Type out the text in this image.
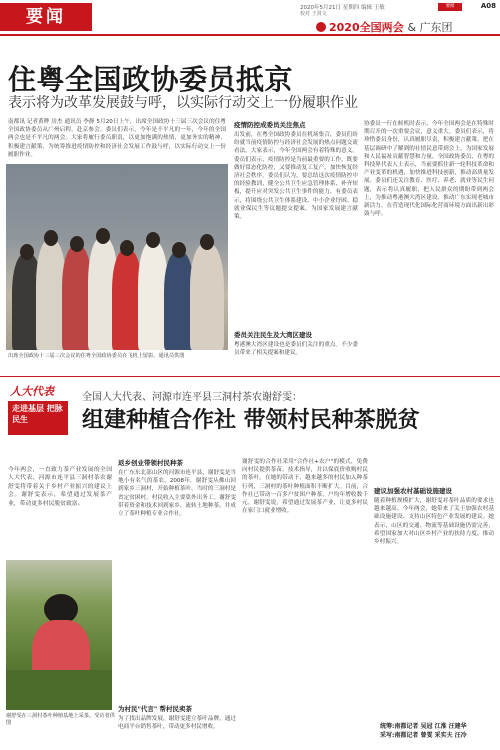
要闻	2020年5月21日 星期四 编辑 王敏
校对 王贤文
要闻	A08
2020全国两会 & 广东团
住粤全国政协委员抵京
表示将为改革发展鼓与呼，以实际行动交上一份履职作业

南都讯 记者黄晔 房杰 通讯员 李静 5月20日上午，出席全国政协十三届三次会议的住粤全国政协委员从广州启程，赴京参会。委员们表示，今年是不平凡的一年，今年的全国两会也是不平凡的两会。大家将履行委员职责，以更加饱满的热情，更加务实的精神，积极建言献策，为统筹推进疫情防控和经济社会发展工作鼓与呼，以实际行动交上一份履职作业。

出席全国政协十三届三次会议的住粤全国政协委员在飞机上留影。通讯员供图
疫情防控成委员关注焦点

出发前，在粤全国政协委员在机场集合，委员们纷纷就当前疫情防控与经济社会发展的热点问题交流看法。大家表示，今年全国两会有着特殊的意义。委员们表示，疫情防控是当前最重要的工作，既要做好常态化防控，又要推动复工复产，加快恢复经济社会秩序。委员们认为，要总结这次疫情防控中的经验教训，健全公共卫生应急管理体系，补齐短板，提升应对突发公共卫生事件的能力。有委员表示，将围绕公共卫生体系建设、中小企业纾困、稳就业保民生等议题提交提案，为国家发展建言献策。

委员关注民生及大湾区建设

粤港澳大湾区建设也是委员们关注的重点。不少委员带来了相关提案和建议。

协委员一行在候机时表示，今年全国两会是在特殊时期召开的一次重要会议，意义重大。委员们表示，将珍惜委员身份，认真履职尽责，积极建言献策，把在基层调研中了解到的社情民意带到会上，为国家发展和人民福祉贡献智慧和力量。全国政协委员、在粤的科技界代表人士表示，当前要抓住新一轮科技革命和产业变革的机遇，加快推进科技创新，推动高质量发展。委员们还关注教育、医疗、养老、就业等民生问题，表示将认真履职，把人民群众的期盼带到两会上，为推动粤港澳大湾区建设、推动广东实现老城市新活力、在营造现代化国际化营商环境方面出新出彩鼓与呼。

人大代表
走进基层 把脉民生
全国人大代表、河源市连平县三洞村茶农谢舒雯：
组建种植合作社 带领村民种茶脱贫

今年两会，一直致力茶产业发展的全国人大代表、河源市连平县三洞村茶农谢舒雯将带着关于乡村产业振兴的建议上会。谢舒雯表示，希望通过发展茶产业，带动更多村民脱贫致富。

谢舒雯在三洞村茶叶种植基地上采茶。受访者供图
返乡创业带领村民种茶

在广东东北部山区的河源市连平县，谢舒雯是当地小有名气的茶农。2008年，谢舒雯从佛山回到家乡三洞村，开始种植茶叶。当时的三洞村是省定贫困村，村民收入主要靠外出务工。谢舒雯带着资金和技术回到家乡，流转土地种茶，并成立了茶叶种植专业合作社。

为村民"代言" 帮村民卖茶

为了找出品牌发展，谢舒雯建立茶叶品牌，通过电商平台销售茶叶，带动更多村民增收。

谢舒雯的合作社采用"合作社+农户"的模式，免费向村民提供茶苗、技术指导，并以保底价收购村民的茶叶。在她的带动下，越来越多的村民加入种茶行列，三洞村的茶叶种植面积不断扩大。目前，合作社已带动一百多户贫困户种茶，户均年增收数千元。谢舒雯说，希望通过发展茶产业，让更多村民在家门口就业增收。

建议加强农村基础设施建设

随着种植规模扩大，谢舒雯对茶叶品质的要求也越来越高。今年两会，她带来了关于加强农村基础设施建设、支持山区特色产业发展的建议。她表示，山区的交通、物流等基础设施仍需完善，希望国家加大对山区乡村产业的扶持力度，推动乡村振兴。

统筹:南都记者 吴冠 江淮 汪建华
采写:南都记者 曾雯 采实夫 汪冷
